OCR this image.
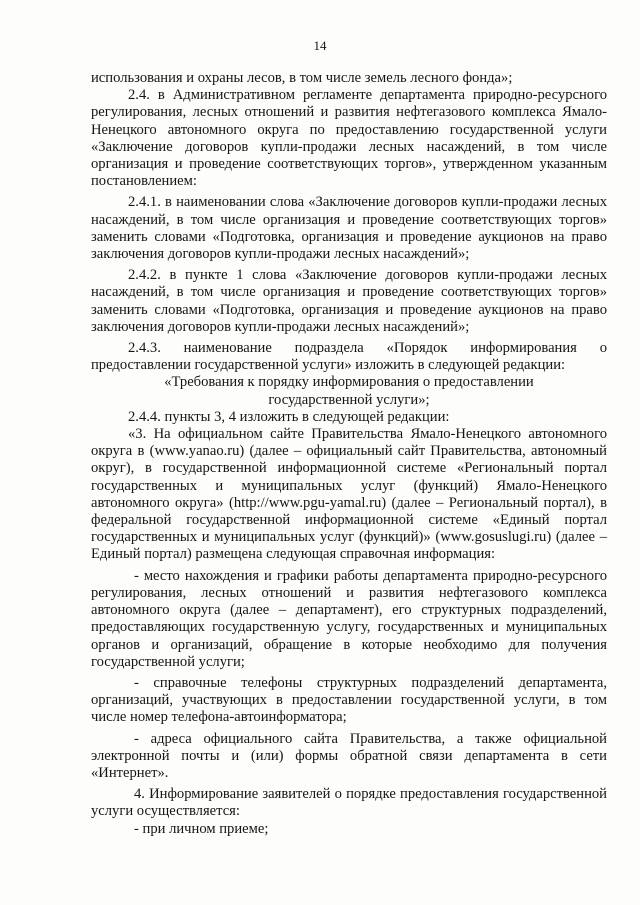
14

использования и охраны лесов, в том числе земель лесного фонда»;

2.4. в Административном регламенте департамента природно-ресурсного регулирования, лесных отношений и развития нефтегазового комплекса Ямало-Ненецкого автономного округа по предоставлению государственной услуги «Заключение договоров купли-продажи лесных насаждений, в том числе организация и проведение соответствующих торгов», утвержденном указанным постановлением:

2.4.1. в наименовании слова «Заключение договоров купли-продажи лесных насаждений, в том числе организация и проведение соответствующих торгов» заменить словами «Подготовка, организация и проведение аукционов на право заключения договоров купли-продажи лесных насаждений»;

2.4.2. в пункте 1 слова «Заключение договоров купли-продажи лесных насаждений, в том числе организация и проведение соответствующих торгов» заменить словами «Подготовка, организация и проведение аукционов на право заключения договоров купли-продажи лесных насаждений»;

2.4.3. наименование подраздела «Порядок информирования о предоставлении государственной услуги» изложить в следующей редакции:

«Требования к порядку информирования о предоставлении государственной услуги»;

2.4.4. пункты 3, 4 изложить в следующей редакции:

«3. На официальном сайте Правительства Ямало-Ненецкого автономного округа в (www.yanao.ru) (далее – официальный сайт Правительства, автономный округ), в государственной информационной системе «Региональный портал государственных и муниципальных услуг (функций) Ямало-Ненецкого автономного округа» (http://www.pgu-yamal.ru) (далее – Региональный портал), в федеральной государственной информационной системе «Единый портал государственных и муниципальных услуг (функций)» (www.gosuslugi.ru) (далее – Единый портал) размещена следующая справочная информация:

- место нахождения и графики работы департамента природно-ресурсного регулирования, лесных отношений и развития нефтегазового комплекса автономного округа (далее – департамент), его структурных подразделений, предоставляющих государственную услугу, государственных и муниципальных органов и организаций, обращение в которые необходимо для получения государственной услуги;

- справочные телефоны структурных подразделений департамента, организаций, участвующих в предоставлении государственной услуги, в том числе номер телефона-автоинформатора;

- адреса официального сайта Правительства, а также официальной электронной почты и (или) формы обратной связи департамента в сети «Интернет».

4. Информирование заявителей о порядке предоставления государственной услуги осуществляется:

- при личном приеме;
